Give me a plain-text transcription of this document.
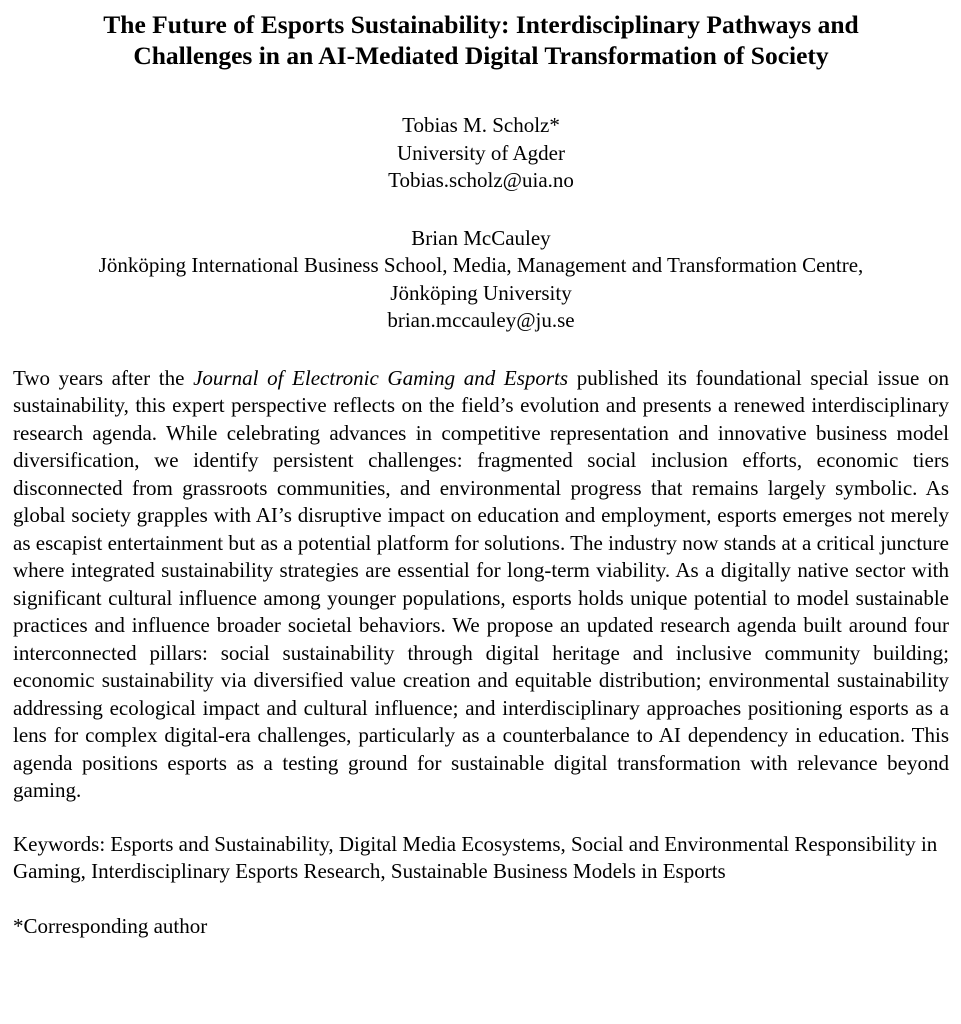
The Future of Esports Sustainability: Interdisciplinary Pathways and
Challenges in an AI-Mediated Digital Transformation of Society
Tobias M. Scholz*
University of Agder
Tobias.scholz@uia.no
Brian McCauley
Jönköping International Business School, Media, Management and Transformation Centre,
Jönköping University
brian.mccauley@ju.se

Two years after the Journal of Electronic Gaming and Esports published its foundational special issue on sustainability, this expert perspective reflects on the field’s evolution and presents a renewed interdisciplinary research agenda. While celebrating advances in competitive representation and innovative business model diversification, we identify persistent challenges: fragmented social inclusion efforts, economic tiers disconnected from grassroots communities, and environmental progress that remains largely symbolic. As global society grapples with AI’s disruptive impact on education and employment, esports emerges not merely as escapist entertainment but as a potential platform for solutions. The industry now stands at a critical juncture where integrated sustainability strategies are essential for long-term viability. As a digitally native sector with significant cultural influence among younger populations, esports holds unique potential to model sustainable practices and influence broader societal behaviors. We propose an updated research agenda built around four interconnected pillars: social sustainability through digital heritage and inclusive community building; economic sustainability via diversified value creation and equitable distribution; environmental sustainability addressing ecological impact and cultural influence; and interdisciplinary approaches positioning esports as a lens for complex digital-era challenges, particularly as a counterbalance to AI dependency in education. This agenda positions esports as a testing ground for sustainable digital transformation with relevance beyond gaming.

Keywords: Esports and Sustainability, Digital Media Ecosystems, Social and Environmental Responsibility in Gaming, Interdisciplinary Esports Research, Sustainable Business Models in Esports

*Corresponding author
